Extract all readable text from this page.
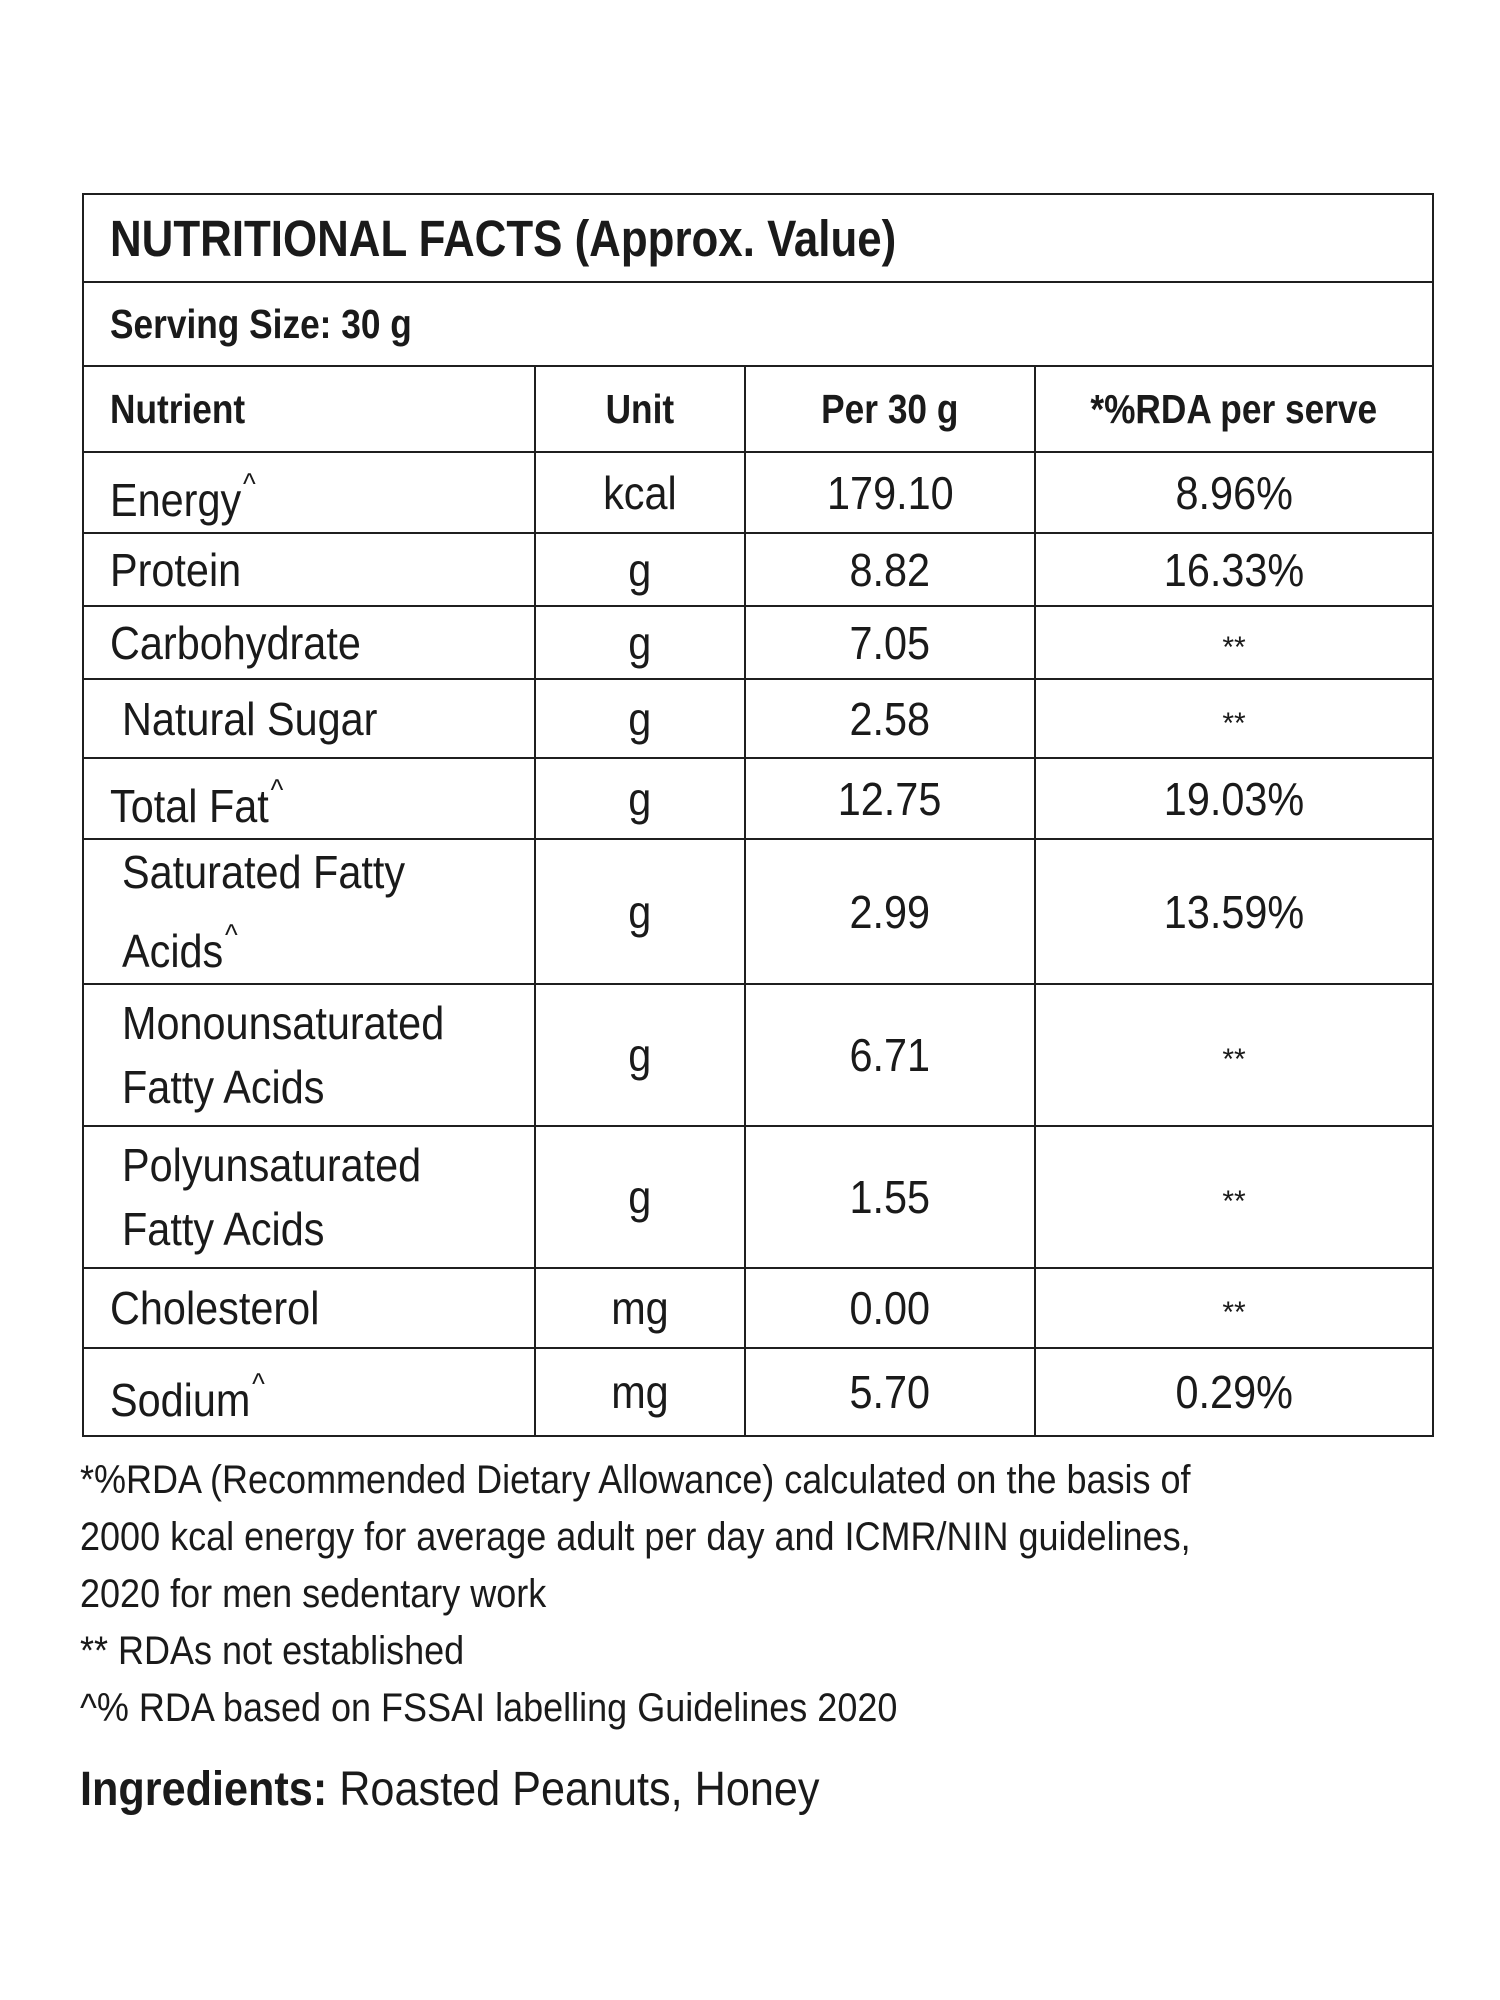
NUTRITIONAL FACTS (Approx. Value)			
Serving Size: 30 g			
Nutrient	Unit	Per 30 g	*%RDA per serve
Energy^	kcal	179.10	8.96%
Protein	g	8.82	16.33%
Carbohydrate	g	7.05	**
Natural Sugar	g	2.58	**
Total Fat^	g	12.75	19.03%
Saturated Fatty
Acids^	g	2.99	13.59%
Monounsaturated
Fatty Acids	g	6.71	**
Polyunsaturated
Fatty Acids	g	1.55	**
Cholesterol	mg	0.00	**
Sodium^	mg	5.70	0.29%
*%RDA (Recommended Dietary Allowance) calculated on the basis of
2000 kcal energy for average adult per day and ICMR/NIN guidelines,
2020 for men sedentary work
** RDAs not established
^% RDA based on FSSAI labelling Guidelines 2020
Ingredients: Roasted Peanuts, Honey
